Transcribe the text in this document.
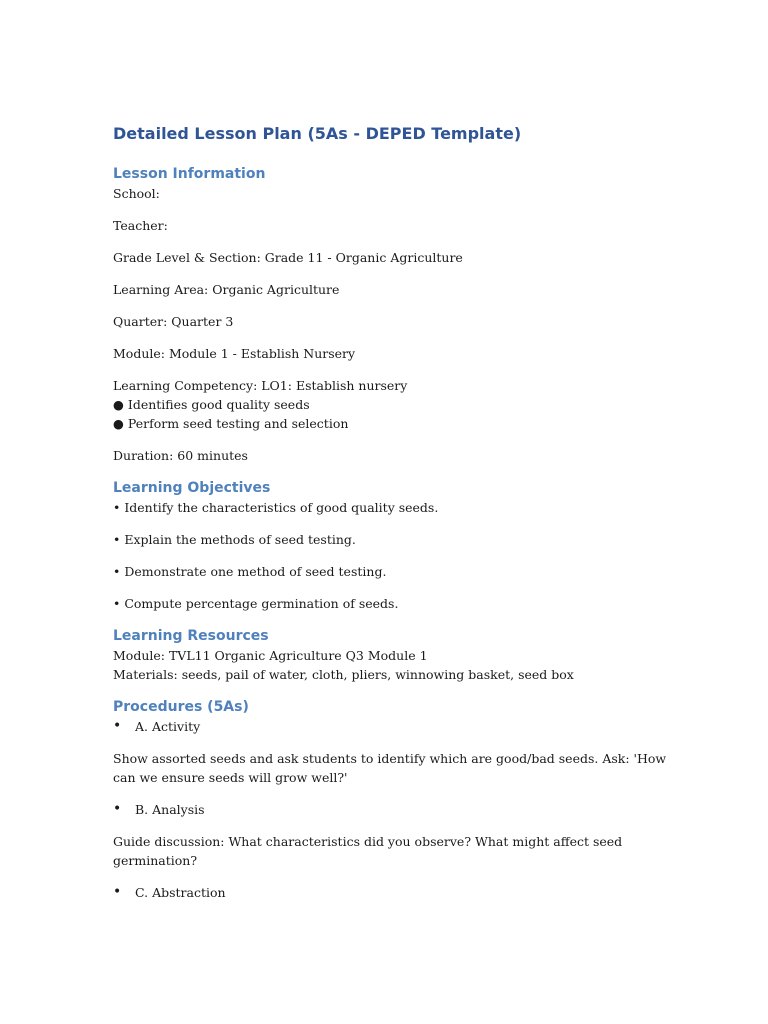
Detailed Lesson Plan (5As - DEPED Template)
Lesson Information
School:
Teacher:
Grade Level & Section: Grade 11 - Organic Agriculture
Learning Area: Organic Agriculture
Quarter: Quarter 3
Module: Module 1 - Establish Nursery
Learning Competency: LO1: Establish nursery
● Identifies good quality seeds
● Perform seed testing and selection
Duration: 60 minutes
Learning Objectives
• Identify the characteristics of good quality seeds.
• Explain the methods of seed testing.
• Demonstrate one method of seed testing.
• Compute percentage germination of seeds.
Learning Resources
Module: TVL11 Organic Agriculture Q3 Module 1
Materials: seeds, pail of water, cloth, pliers, winnowing basket, seed box
Procedures (5As)
•	A. Activity
Show assorted seeds and ask students to identify which are good/bad seeds. Ask: 'How can we ensure seeds will grow well?'
•	B. Analysis
Guide discussion: What characteristics did you observe? What might affect seed germination?
•	C. Abstraction
